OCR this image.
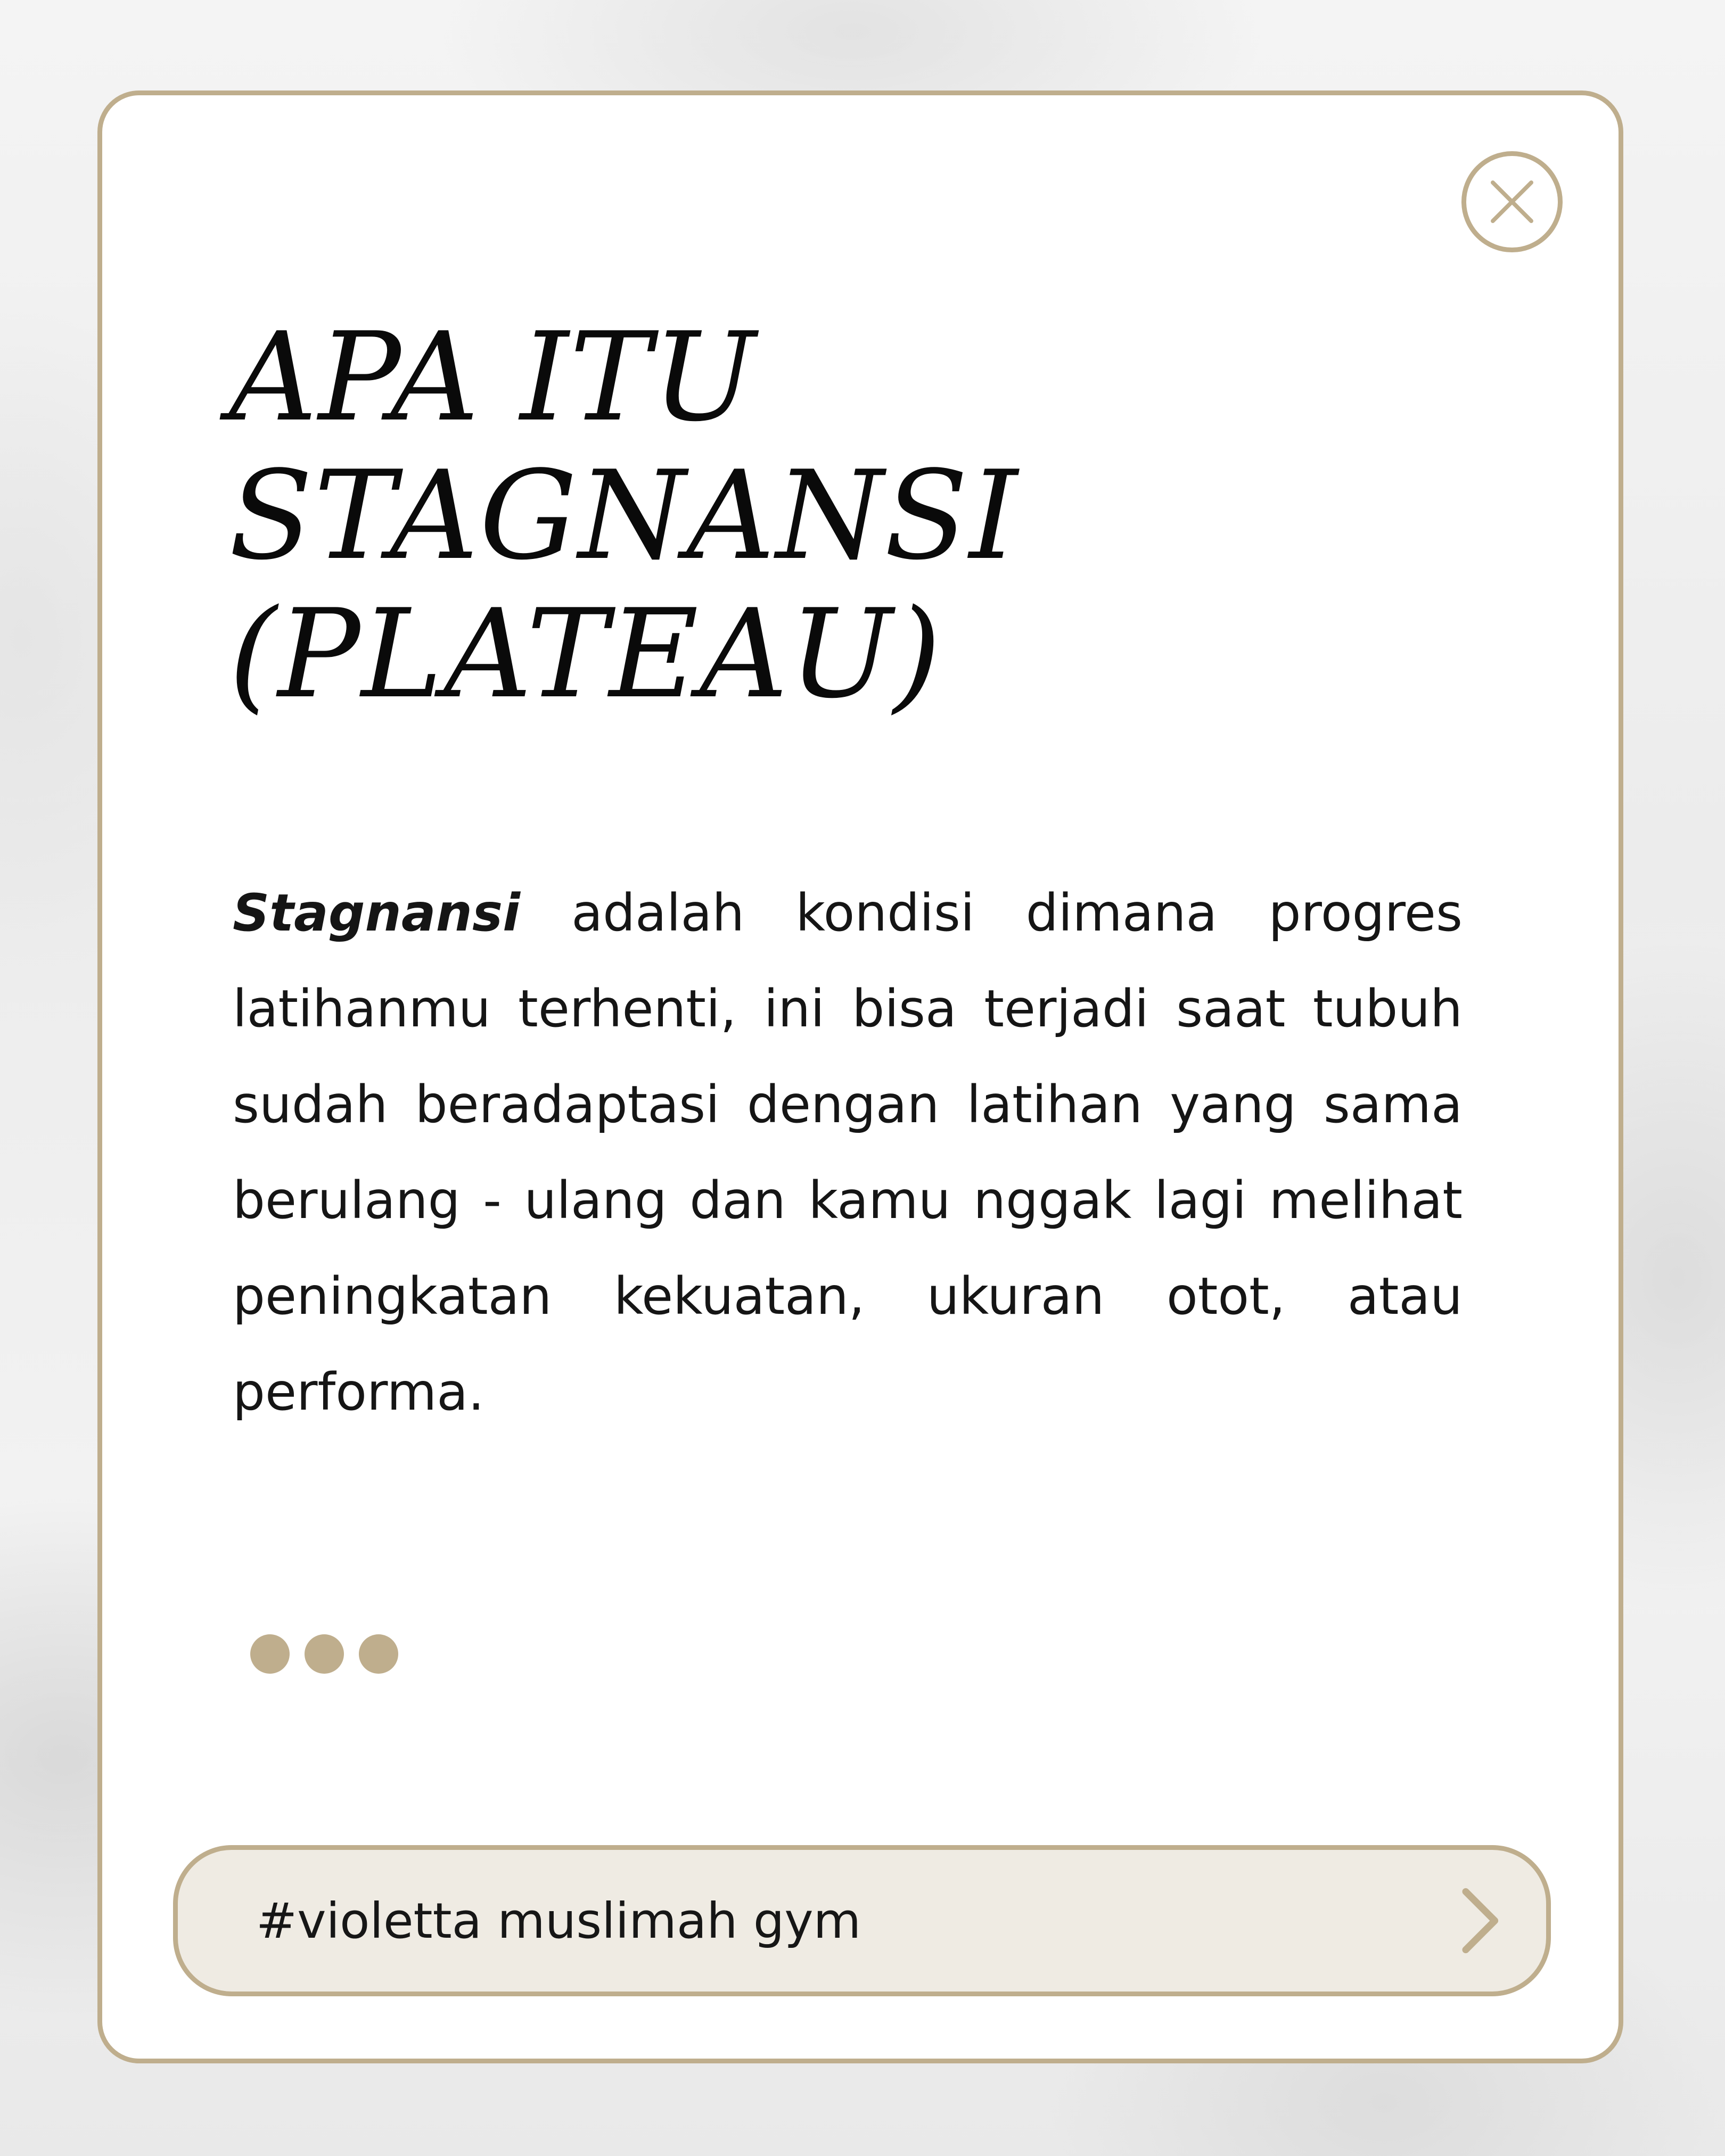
APA ITU
STAGNANSI
(PLATEAU)

Stagnansi adalah kondisi dimana progres latihanmu terhenti, ini bisa terjadi saat tubuh sudah beradaptasi dengan latihan yang sama berulang - ulang dan kamu nggak lagi melihat peningkatan kekuatan, ukuran otot, atau performa.

#violetta muslimah gym
